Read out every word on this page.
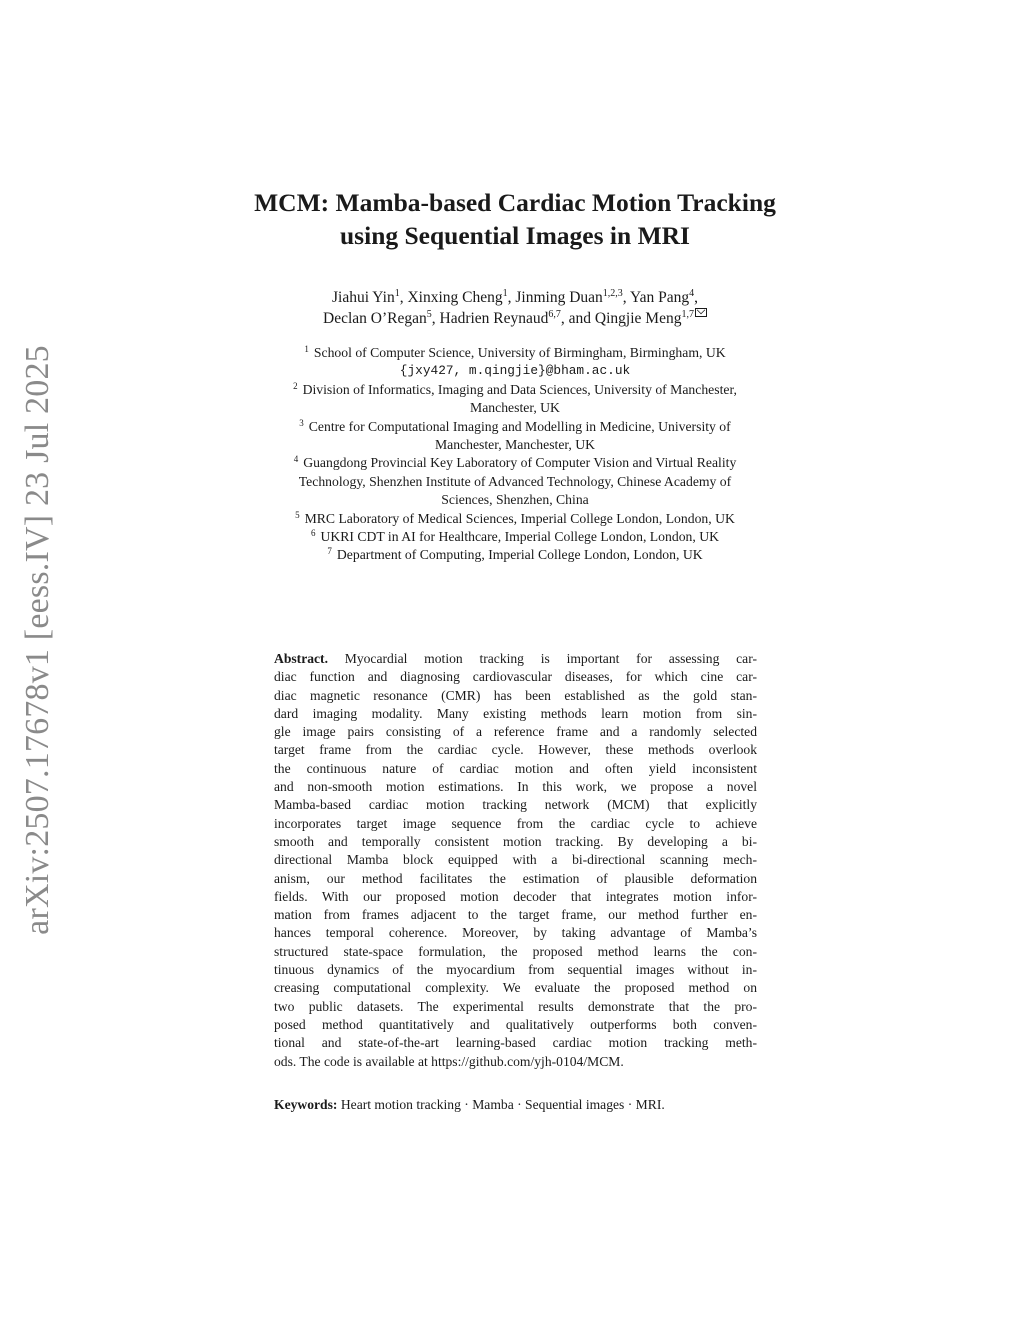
arXiv:2507.17678v1 [eess.IV] 23 Jul 2025
MCM: Mamba-based Cardiac Motion Tracking
using Sequential Images in MRI
Jiahui Yin$^1$, Xinxing Cheng$^1$, Jinming Duan$^{1,2,3}$, Yan Pang$^4$,
Declan O’Regan$^5$, Hadrien Reynaud$^{6,7}$, and Qingjie Meng$^{1,7}$
$^1$ School of Computer Science, University of Birmingham, Birmingham, UK
{jxy427, m.qingjie}@bham.ac.uk
$^2$ Division of Informatics, Imaging and Data Sciences, University of Manchester,
Manchester, UK
$^3$ Centre for Computational Imaging and Modelling in Medicine, University of
Manchester, Manchester, UK
$^4$ Guangdong Provincial Key Laboratory of Computer Vision and Virtual Reality
Technology, Shenzhen Institute of Advanced Technology, Chinese Academy of
Sciences, Shenzhen, China
$^5$ MRC Laboratory of Medical Sciences, Imperial College London, London, UK
$^6$ UKRI CDT in AI for Healthcare, Imperial College London, London, UK
$^7$ Department of Computing, Imperial College London, London, UK
Abstract. Myocardial motion tracking is important for assessing car-
diac function and diagnosing cardiovascular diseases, for which cine car-
diac magnetic resonance (CMR) has been established as the gold stan-
dard imaging modality. Many existing methods learn motion from sin-
gle image pairs consisting of a reference frame and a randomly selected
target frame from the cardiac cycle. However, these methods overlook
the continuous nature of cardiac motion and often yield inconsistent
and non-smooth motion estimations. In this work, we propose a novel
Mamba-based cardiac motion tracking network (MCM) that explicitly
incorporates target image sequence from the cardiac cycle to achieve
smooth and temporally consistent motion tracking. By developing a bi-
directional Mamba block equipped with a bi-directional scanning mech-
anism, our method facilitates the estimation of plausible deformation
fields. With our proposed motion decoder that integrates motion infor-
mation from frames adjacent to the target frame, our method further en-
hances temporal coherence. Moreover, by taking advantage of Mamba’s
structured state-space formulation, the proposed method learns the con-
tinuous dynamics of the myocardium from sequential images without in-
creasing computational complexity. We evaluate the proposed method on
two public datasets. The experimental results demonstrate that the pro-
posed method quantitatively and qualitatively outperforms both conven-
tional and state-of-the-art learning-based cardiac motion tracking meth-
ods. The code is available at https://github.com/yjh-0104/MCM.
Keywords: Heart motion tracking · Mamba · Sequential images · MRI.
